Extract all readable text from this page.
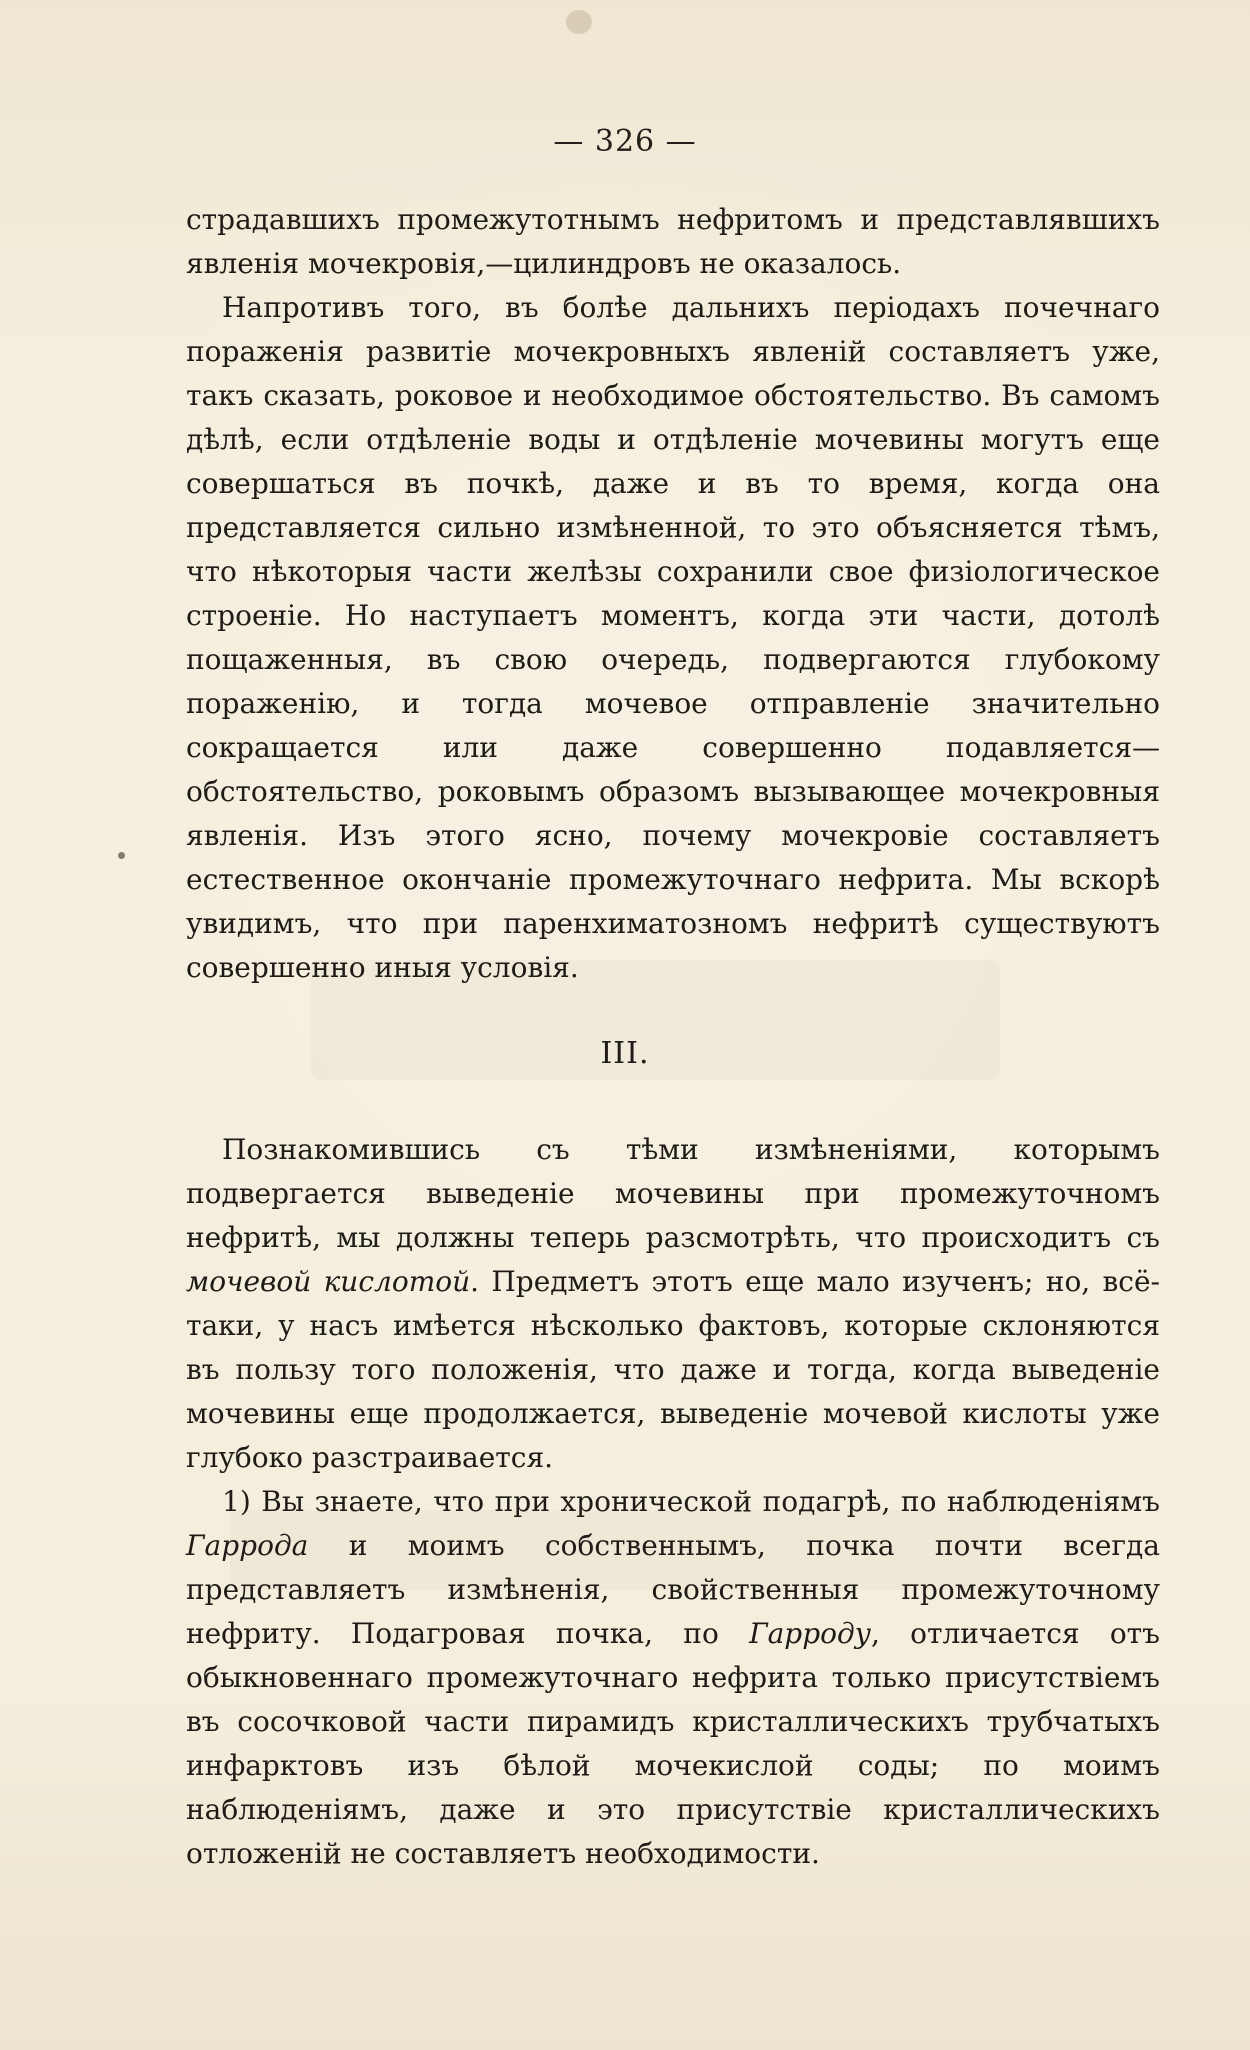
— 326 —

страдавшихъ промежутотнымъ нефритомъ и представлявшихъ явленія мочекровія,—цилиндровъ не оказалось.

Напротивъ того, въ болѣе дальнихъ періодахъ почечнаго пораженія развитіе мочекровныхъ явленій составляетъ уже, такъ сказать, роковое и необходимое обстоятельство. Въ самомъ дѣлѣ, если отдѣленіе воды и отдѣленіе мочевины могутъ еще совершаться въ почкѣ, даже и въ то время, когда она представляется сильно измѣненной, то это объясняется тѣмъ, что нѣкоторыя части желѣзы сохранили свое физіологическое строеніе. Но наступаетъ моментъ, когда эти части, дотолѣ пощаженныя, въ свою очередь, подвергаются глубокому пораженію, и тогда мочевое отправленіе значительно сокращается или даже совершенно подавляется—обстоятельство, роковымъ образомъ вызывающее мочекровныя явленія. Изъ этого ясно, почему мочекровіе составляетъ естественное окончаніе промежуточнаго нефрита. Мы вскорѣ увидимъ, что при паренхиматозномъ нефритѣ существуютъ совершенно иныя условія.

III.

Познакомившись съ тѣми измѣненіями, которымъ подвергается выведеніе мочевины при промежуточномъ нефритѣ, мы должны теперь разсмотрѣть, что происходитъ съ мочевой кислотой. Предметъ этотъ еще мало изученъ; но, всё-таки, у насъ имѣется нѣсколько фактовъ, которые склоняются въ пользу того положенія, что даже и тогда, когда выведеніе мочевины еще продолжается, выведеніе мочевой кислоты уже глубоко разстраивается.

1) Вы знаете, что при хронической подагрѣ, по наблюденіямъ Гаррода и моимъ собственнымъ, почка почти всегда представляетъ измѣненія, свойственныя промежуточному нефриту. Подагровая почка, по Гарроду, отличается отъ обыкновеннаго промежуточнаго нефрита только присутствіемъ въ сосочковой части пирамидъ кристаллическихъ трубчатыхъ инфарктовъ изъ бѣлой мочекислой соды; по моимъ наблюденіямъ, даже и это присутствіе кристаллическихъ отложеній не составляетъ необходимости.
